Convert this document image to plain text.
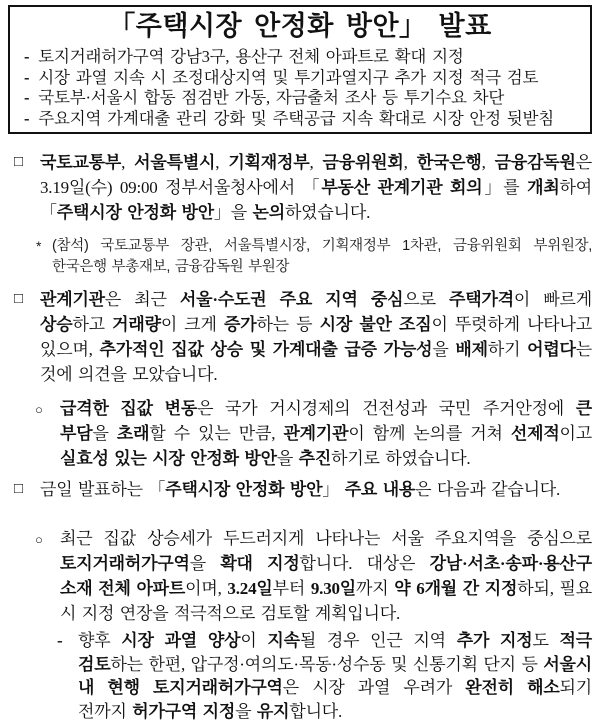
「주택시장 안정화 방안」 발표
- 토지거래허가구역 강남3구, 용산구 전체 아파트로 확대 지정
- 시장 과열 지속 시 조정대상지역 및 투기과열지구 추가 지정 적극 검토
- 국토부·서울시 합동 점검반 가동, 자금출처 조사 등 투기수요 차단
- 주요지역 가계대출 관리 강화 및 주택공급 지속 확대로 시장 안정 뒷받침
□ 국토교통부, 서울특별시, 기획재정부, 금융위원회, 한국은행, 금융감독원은 3.19일(수) 09:00 정부서울청사에서 「부동산 관계기관 회의」를 개최하여 「주택시장 안정화 방안」을 논의하였습니다.
* (참석) 국토교통부 장관, 서울특별시장, 기획재정부 1차관, 금융위원회 부위원장, 한국은행 부총재보, 금융감독원 부원장
□ 관계기관은 최근 서울·수도권 주요 지역 중심으로 주택가격이 빠르게 상승하고 거래량이 크게 증가하는 등 시장 불안 조짐이 뚜렷하게 나타나고 있으며, 추가적인 집값 상승 및 가계대출 급증 가능성을 배제하기 어렵다는 것에 의견을 모았습니다.
○ 급격한 집값 변동은 국가 거시경제의 건전성과 국민 주거안정에 큰 부담을 초래할 수 있는 만큼, 관계기관이 함께 논의를 거쳐 선제적이고 실효성 있는 시장 안정화 방안을 추진하기로 하였습니다.
□ 금일 발표하는 「주택시장 안정화 방안」 주요 내용은 다음과 같습니다.
○ 최근 집값 상승세가 두드러지게 나타나는 서울 주요지역을 중심으로 토지거래허가구역을 확대 지정합니다. 대상은 강남·서초·송파·용산구 소재 전체 아파트이며, 3.24일부터 9.30일까지 약 6개월 간 지정하되, 필요 시 지정 연장을 적극적으로 검토할 계획입니다.
- 향후 시장 과열 양상이 지속될 경우 인근 지역 추가 지정도 적극 검토하는 한편, 압구정·여의도·목동·성수동 및 신통기획 단지 등 서울시 내 현행 토지거래허가구역은 시장 과열 우려가 완전히 해소되기 전까지 허가구역 지정을 유지합니다.
